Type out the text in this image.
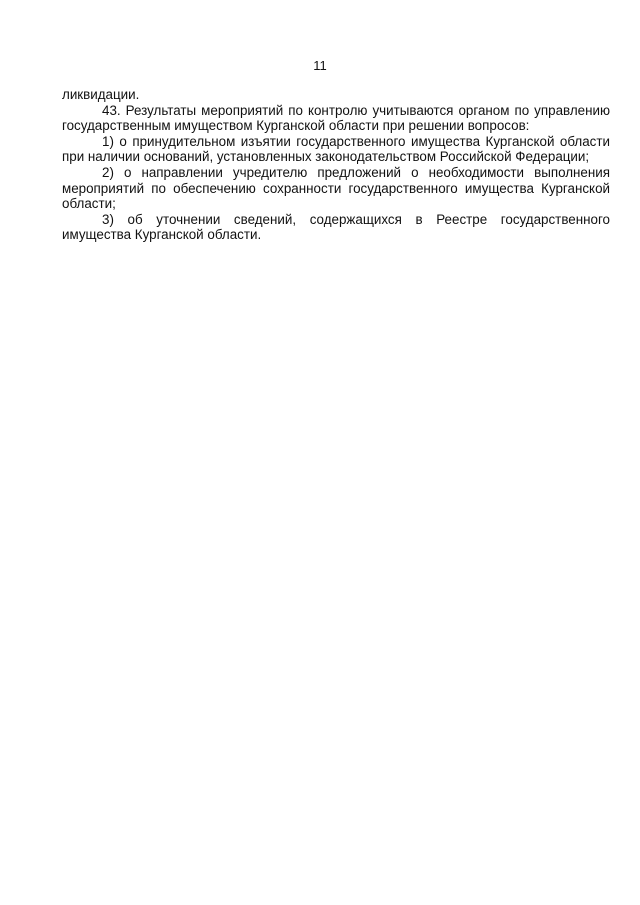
11

ликвидации.

43. Результаты мероприятий по контролю учитываются органом по управлению государственным имуществом Курганской области при решении вопросов:

1) о принудительном изъятии государственного имущества Курганской области при наличии оснований, установленных законодательством Российской Федерации;

2) о направлении учредителю предложений о необходимости выполнения мероприятий по обеспечению сохранности государственного имущества Курганской области;

3) об уточнении сведений, содержащихся в Реестре государственного имущества Курганской области.
